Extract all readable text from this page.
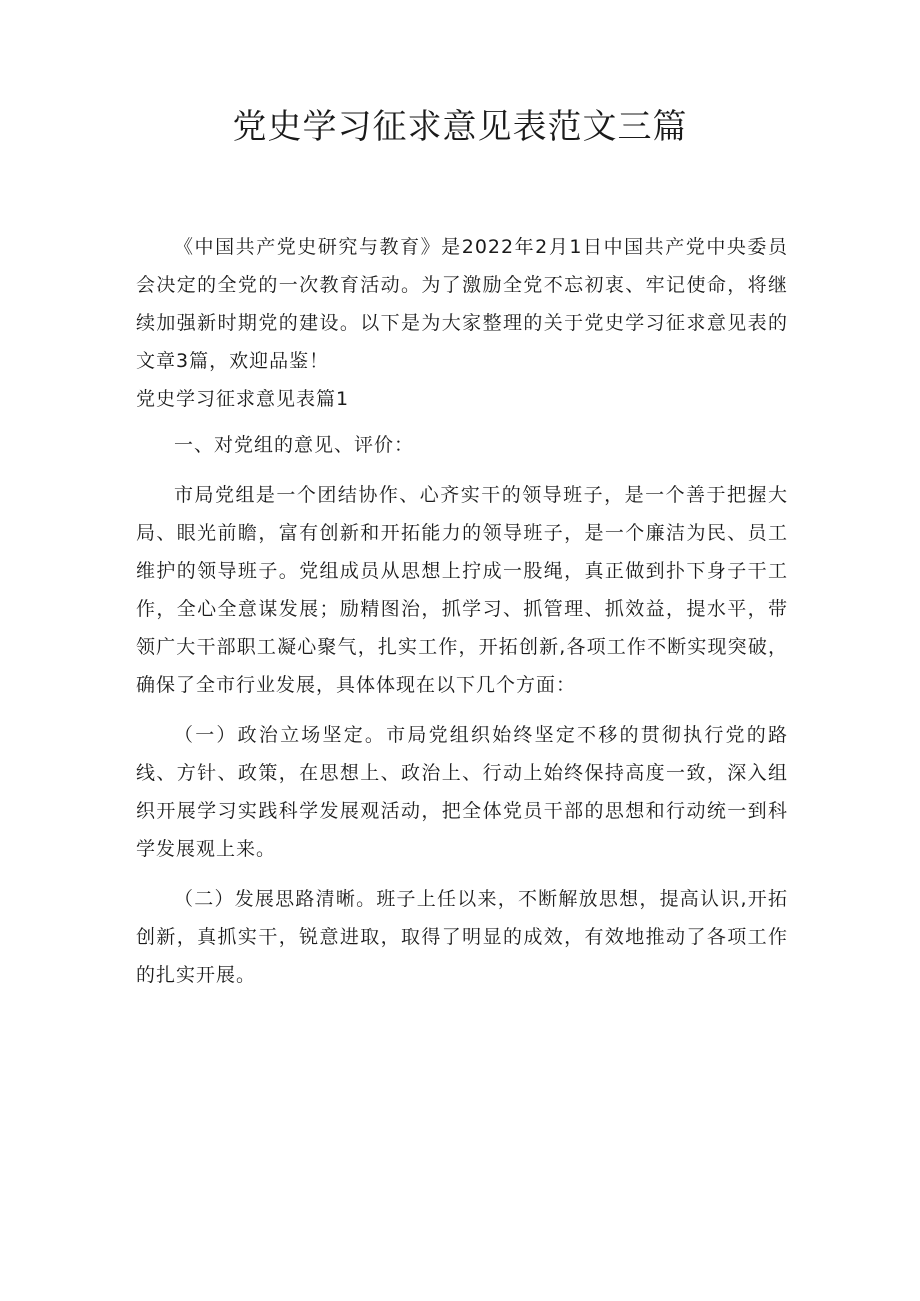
党史学习征求意见表范文三篇

《中国共产党史研究与教育》是2022年2月1日中国共产党中央委员会决定的全党的一次教育活动。为了激励全党不忘初衷、牢记使命，将继续加强新时期党的建设。以下是为大家整理的关于党史学习征求意见表的文章3篇，欢迎品鉴！

党史学习征求意见表篇1

一、对党组的意见、评价：

市局党组是一个团结协作、心齐实干的领导班子，是一个善于把握大局、眼光前瞻，富有创新和开拓能力的领导班子，是一个廉洁为民、员工维护的领导班子。党组成员从思想上拧成一股绳，真正做到扑下身子干工作，全心全意谋发展；励精图治，抓学习、抓管理、抓效益，提水平，带领广大干部职工凝心聚气，扎实工作，开拓创新,各项工作不断实现突破，确保了全市行业发展，具体体现在以下几个方面：

（一）政治立场坚定。市局党组织始终坚定不移的贯彻执行党的路线、方针、政策，在思想上、政治上、行动上始终保持高度一致，深入组织开展学习实践科学发展观活动，把全体党员干部的思想和行动统一到科学发展观上来。

（二）发展思路清晰。班子上任以来，不断解放思想，提高认识,开拓创新，真抓实干，锐意进取，取得了明显的成效，有效地推动了各项工作的扎实开展。
